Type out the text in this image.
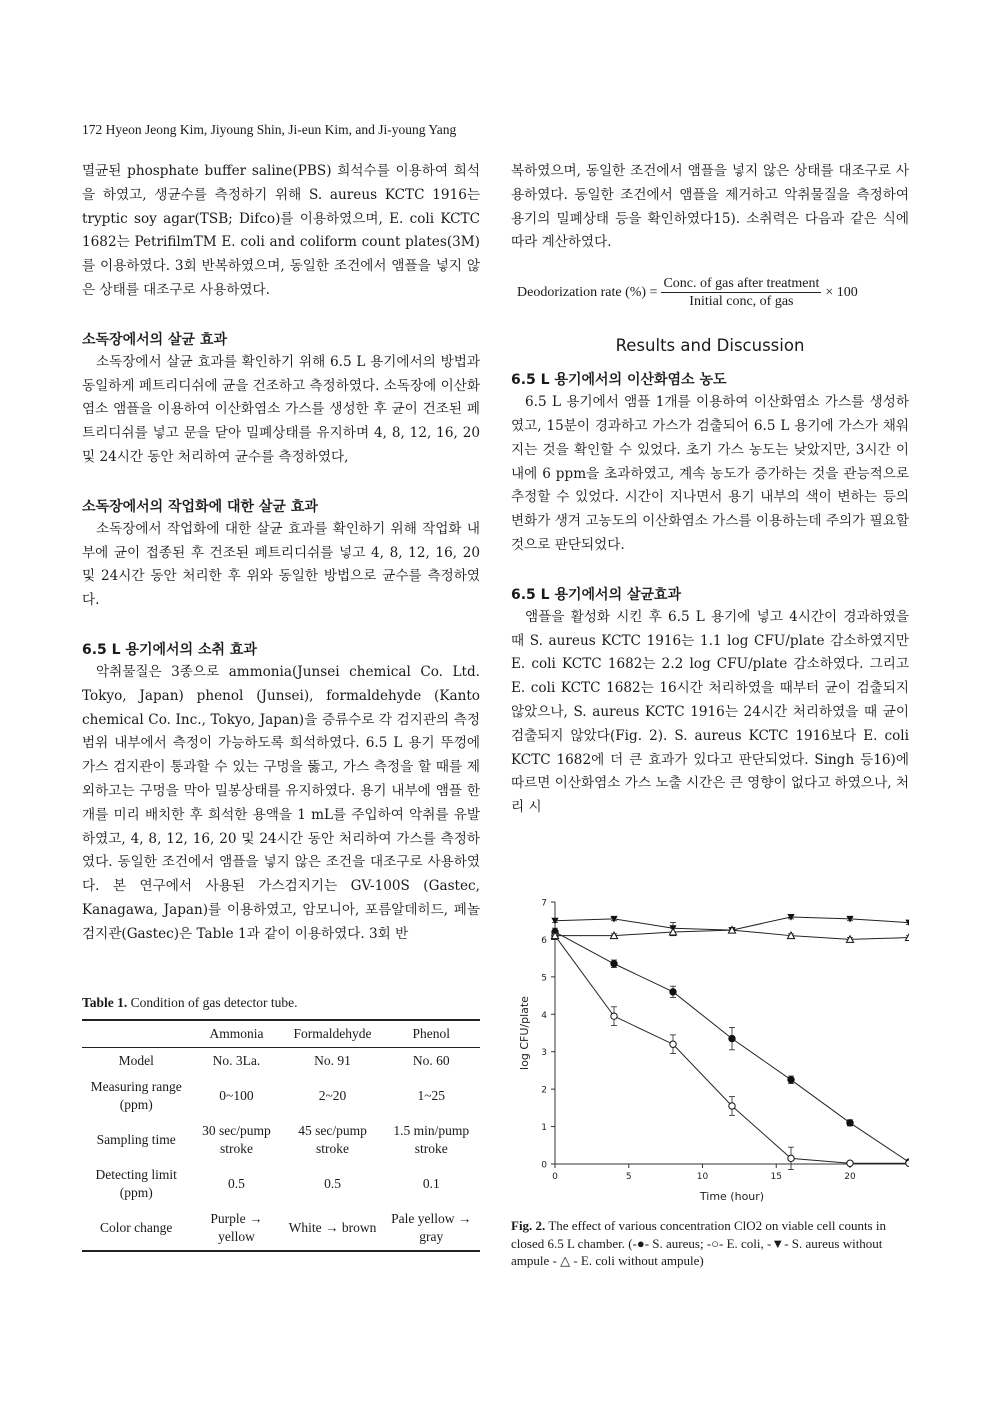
172 Hyeon Jeong Kim, Jiyoung Shin, Ji-eun Kim, and Ji-young Yang

멸균된 phosphate buffer saline(PBS) 희석수를 이용하여 희석을 하였고, 생균수를 측정하기 위해 S. aureus KCTC 1916는 tryptic soy agar(TSB; Difco)를 이용하였으며, E. coli KCTC 1682는 PetrifilmTM E. coli and coliform count plates(3M)를 이용하였다. 3회 반복하였으며, 동일한 조건에서 앰플을 넣지 않은 상태를 대조구로 사용하였다.

소독장에서의 살균 효과

소독장에서 살균 효과를 확인하기 위해 6.5 L 용기에서의 방법과 동일하게 페트리디쉬에 균을 건조하고 측정하였다. 소독장에 이산화염소 앰플을 이용하여 이산화염소 가스를 생성한 후 균이 건조된 페트리디쉬를 넣고 문을 닫아 밀폐상태를 유지하며 4, 8, 12, 16, 20 및 24시간 동안 처리하여 균수를 측정하였다,

소독장에서의 작업화에 대한 살균 효과

소독장에서 작업화에 대한 살균 효과를 확인하기 위해 작업화 내부에 균이 접종된 후 건조된 페트리디쉬를 넣고 4, 8, 12, 16, 20 및 24시간 동안 처리한 후 위와 동일한 방법으로 균수를 측정하였다.

6.5 L 용기에서의 소취 효과

악취물질은 3종으로 ammonia(Junsei chemical Co. Ltd. Tokyo, Japan) phenol (Junsei), formaldehyde (Kanto chemical Co. Inc., Tokyo, Japan)을 증류수로 각 검지관의 측정 범위 내부에서 측정이 가능하도록 희석하였다. 6.5 L 용기 뚜껑에 가스 검지관이 통과할 수 있는 구멍을 뚫고, 가스 측정을 할 때를 제외하고는 구멍을 막아 밀봉상태를 유지하였다. 용기 내부에 앰플 한 개를 미리 배치한 후 희석한 용액을 1 mL를 주입하여 악취를 유발하였고, 4, 8, 12, 16, 20 및 24시간 동안 처리하여 가스를 측정하였다. 동일한 조건에서 앰플을 넣지 않은 조건을 대조구로 사용하였다. 본 연구에서 사용된 가스검지기는 GV-100S (Gastec, Kanagawa, Japan)를 이용하였고, 암모니아, 포름알데히드, 페놀 검지관(Gastec)은 Table 1과 같이 이용하였다. 3회 반

Table 1. Condition of gas detector tube.
	Ammonia	Formaldehyde	Phenol
Model	No. 3La.	No. 91	No. 60
Measuring range (ppm)	0~100	2~20	1~25
Sampling time	30 sec/pump stroke	45 sec/pump stroke	1.5 min/pump stroke
Detecting limit (ppm)	0.5	0.5	0.1
Color change	Purple → yellow	White → brown	Pale yellow → gray

복하였으며, 동일한 조건에서 앰플을 넣지 않은 상태를 대조구로 사용하였다. 동일한 조건에서 앰플을 제거하고 악취물질을 측정하여 용기의 밀폐상태 등을 확인하였다15). 소취력은 다음과 같은 식에 따라 계산하였다.

Deodorization rate (%) = $\frac{\text{Conc. of gas after treatment}}{\text{Initial conc, of gas}} \times 100$
Results and Discussion
6.5 L 용기에서의 이산화염소 농도

6.5 L 용기에서 앰플 1개를 이용하여 이산화염소 가스를 생성하였고, 15분이 경과하고 가스가 검출되어 6.5 L 용기에 가스가 채워지는 것을 확인할 수 있었다. 초기 가스 농도는 낮았지만, 3시간 이내에 6 ppm을 초과하였고, 계속 농도가 증가하는 것을 관능적으로 추정할 수 있었다. 시간이 지나면서 용기 내부의 색이 변하는 등의 변화가 생겨 고농도의 이산화염소 가스를 이용하는데 주의가 필요할 것으로 판단되었다.

6.5 L 용기에서의 살균효과

앰플을 활성화 시킨 후 6.5 L 용기에 넣고 4시간이 경과하였을 때 S. aureus KCTC 1916는 1.1 log CFU/plate 감소하였지만 E. coli KCTC 1682는 2.2 log CFU/plate 감소하였다. 그리고 E. coli KCTC 1682는 16시간 처리하였을 때부터 균이 검출되지 않았으나, S. aureus KCTC 1916는 24시간 처리하였을 때 균이 검출되지 않았다(Fig. 2). S. aureus KCTC 1916보다 E. coli KCTC 1682에 더 큰 효과가 있다고 판단되었다. Singh 등16)에 따르면 이산화염소 가스 노출 시간은 큰 영향이 없다고 하였으나, 처리 시

0
1
2
3
4
5
6
7
0	5	10	15	20
Time (hour)
log CFU/plate
Fig. 2. The effect of various concentration ClO2 on viable cell counts in closed 6.5 L chamber. (-●- S. aureus; -○- E. coli, -▼- S. aureus without ampule - △ - E. coli without ampule)
